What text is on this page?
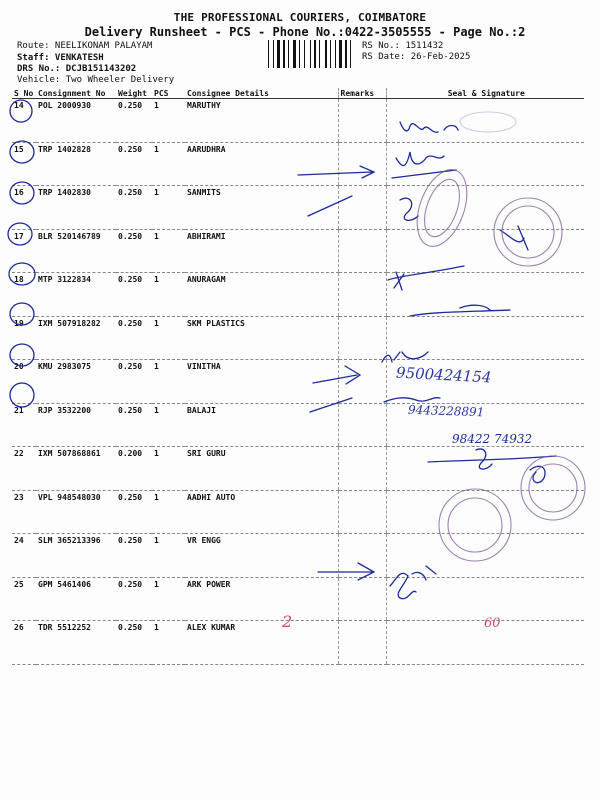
THE PROFESSIONAL COURIERS, COIMBATORE
Delivery Runsheet - PCS - Phone No.:0422-3505555 - Page No.:2
Route: NEELIKONAM PALAYAM
Staff: VENKATESH
DRS No.: DCJB151143202
Vehicle: Two Wheeler Delivery
RS No.: 1511432
RS Date: 26-Feb-2025
S No	Consignment No	Weight	PCS	Consignee Details	Remarks	Seal & Signature
14	POL 2000930	0.250	1	MARUTHY		
15	TRP 1402828	0.250	1	AARUDHRA		
16	TRP 1402830	0.250	1	SANMITS		
17	BLR 520146789	0.250	1	ABHIRAMI		
18	MTP 3122834	0.250	1	ANURAGAM		
19	IXM 507918282	0.250	1	SKM PLASTICS		
20	KMU 2983075	0.250	1	VINITHA		
21	RJP 3532200	0.250	1	BALAJI		
22	IXM 507868861	0.200	1	SRI GURU		
23	VPL 948548030	0.250	1	AADHI AUTO		
24	SLM 365213396	0.250	1	VR ENGG		
25	GPM 5461406	0.250	1	ARK POWER		
26	TDR 5512252	0.250	1	ALEX KUMAR		
9500424154
9443228891
98422 74932
2	60
